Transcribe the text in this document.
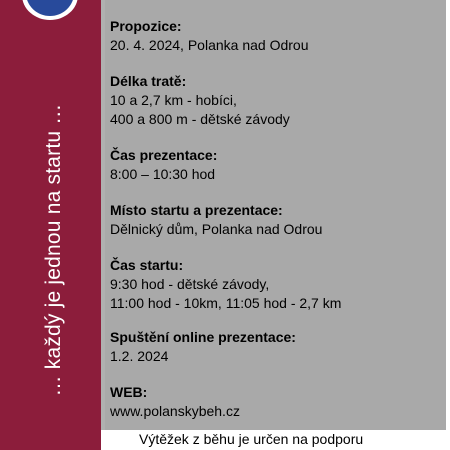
… každý je jednou na startu …
Propozice:
20. 4. 2024, Polanka nad Odrou
Délka tratě:
10 a 2,7 km - hobíci,
400 a 800 m - dětské závody
Čas prezentace:
8:00 – 10:30 hod
Místo startu a prezentace:
Dělnický dům, Polanka nad Odrou
Čas startu:
9:30 hod - dětské závody,
11:00 hod - 10km, 11:05 hod - 2,7 km
Spuštění online prezentace:
1.2. 2024
WEB:
www.polanskybeh.cz
Výtěžek z běhu je určen na podporu
